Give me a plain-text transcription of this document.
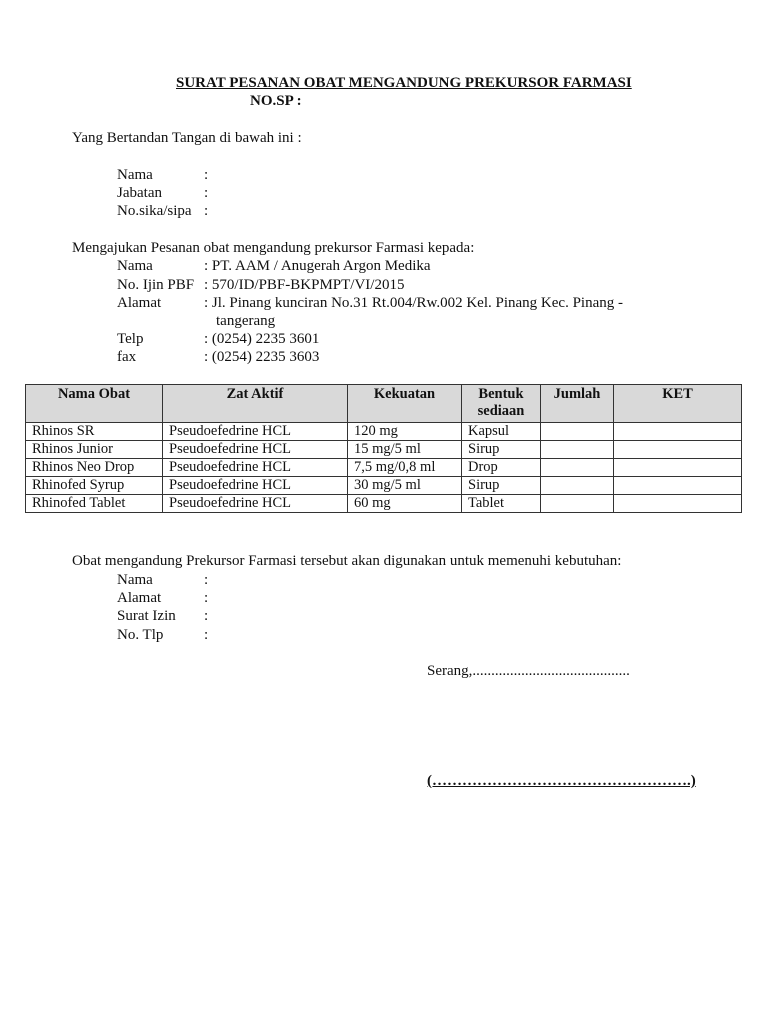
SURAT PESANAN OBAT MENGANDUNG PREKURSOR FARMASI
NO.SP :
Yang Bertandan Tangan di bawah ini :
Nama	:
Jabatan	:
No.sika/sipa :
Mengajukan Pesanan obat mengandung prekursor Farmasi kepada:
Nama	: PT. AAM / Anugerah Argon Medika
No. Ijin PBF : 570/ID/PBF-BKPMPT/VI/2015
Alamat	: Jl. Pinang kunciran No.31 Rt.004/Rw.002 Kel. Pinang Kec. Pinang -
tangerang
Telp	: (0254) 2235 3601
fax	: (0254) 2235 3603
Nama Obat	Zat Aktif	Kekuatan	Bentuk sediaan	Jumlah	KET
Rhinos SR	Pseudoefedrine HCL	120 mg	Kapsul		
Rhinos Junior	Pseudoefedrine HCL	15 mg/5 ml	Sirup		
Rhinos Neo Drop	Pseudoefedrine HCL	7,5 mg/0,8 ml	Drop		
Rhinofed Syrup	Pseudoefedrine HCL	30 mg/5 ml	Sirup		
Rhinofed Tablet	Pseudoefedrine HCL	60 mg	Tablet		
Obat mengandung Prekursor Farmasi tersebut akan digunakan untuk memenuhi kebutuhan:
Nama	:
Alamat	:
Surat Izin :
No. Tlp	:
Serang,..........................................
(…………………………………………….)
